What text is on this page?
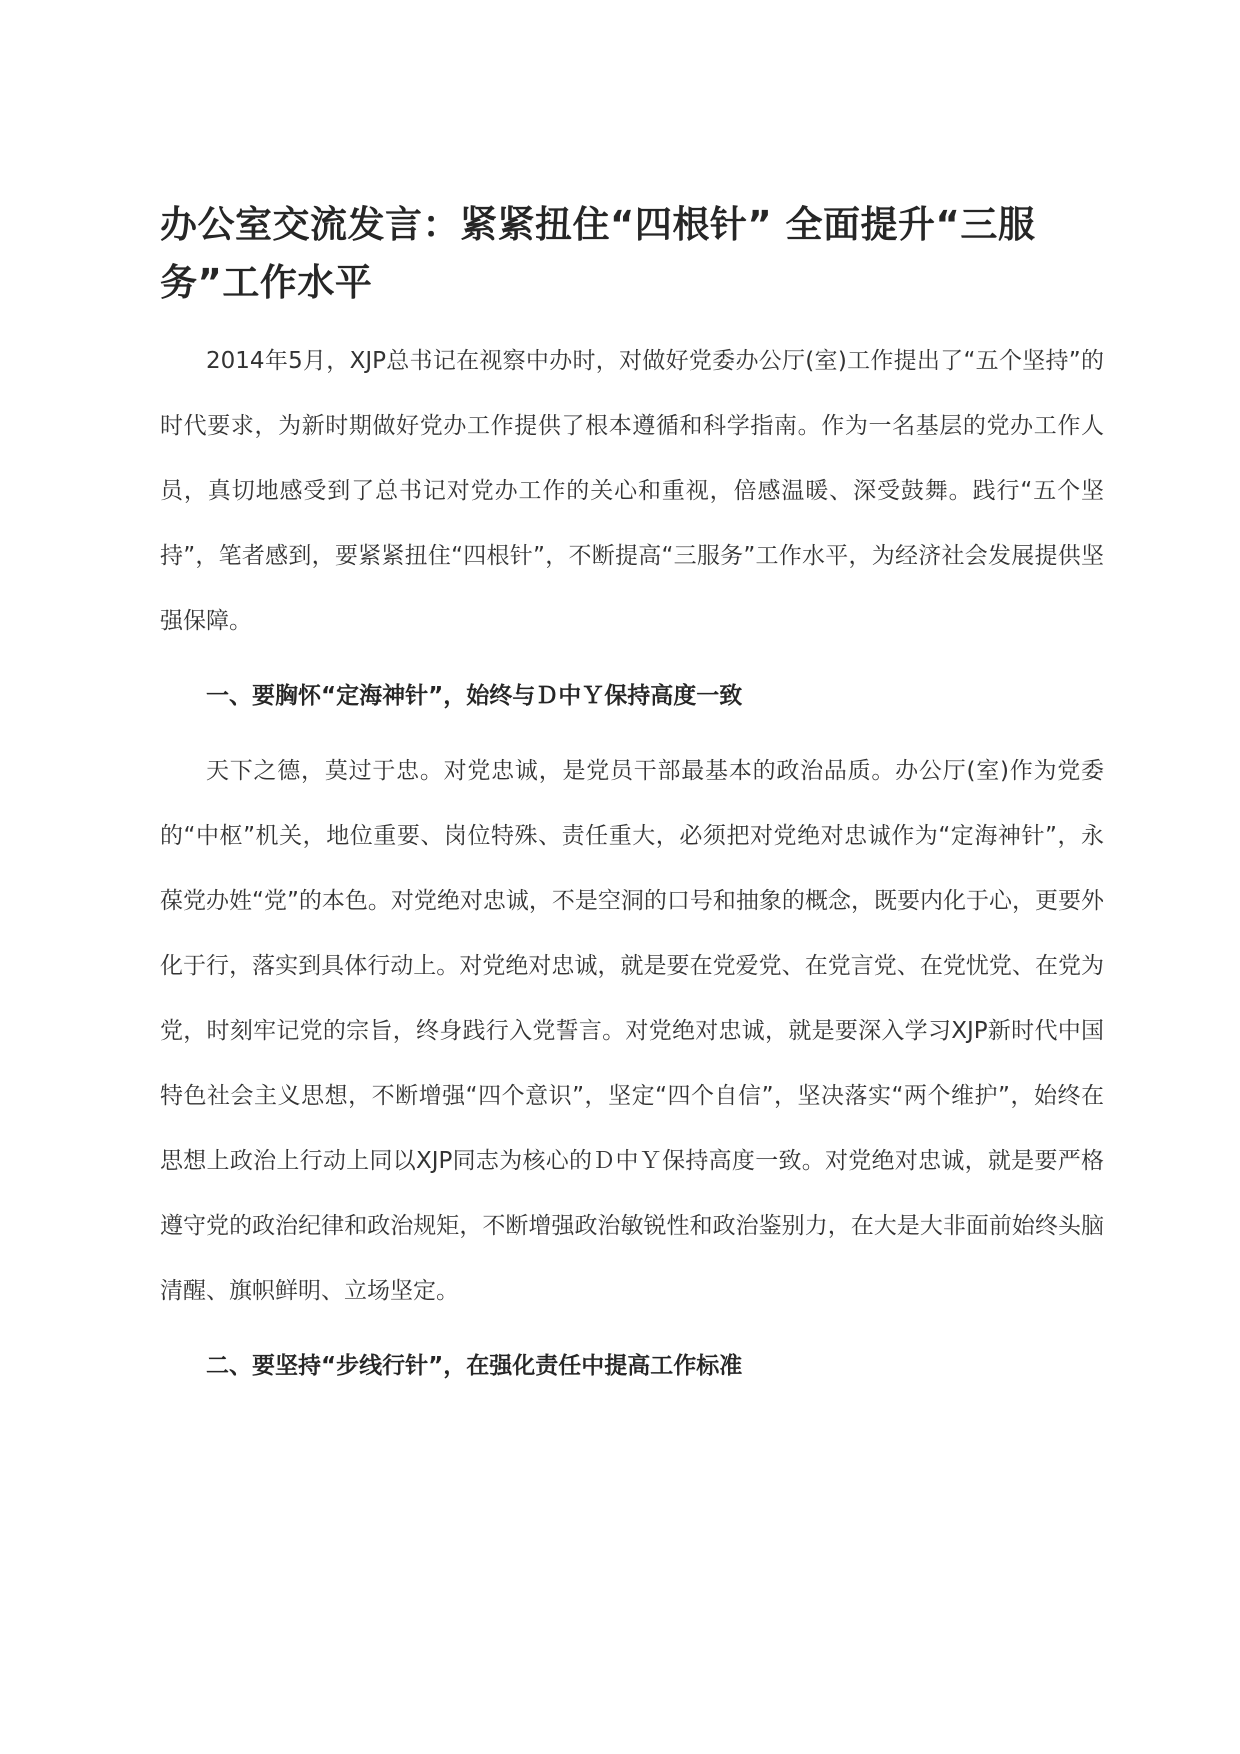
办公室交流发言：紧紧扭住“四根针” 全面提升“三服务”工作水平

2014年5月，XJP总书记在视察中办时，对做好党委办公厅(室)工作提出了“五个坚持”的时代要求，为新时期做好党办工作提供了根本遵循和科学指南。作为一名基层的党办工作人员，真切地感受到了总书记对党办工作的关心和重视，倍感温暖、深受鼓舞。践行“五个坚持”，笔者感到，要紧紧扭住“四根针”，不断提高“三服务”工作水平，为经济社会发展提供坚强保障。

一、要胸怀“定海神针”，始终与Ｄ中Ｙ保持高度一致

天下之德，莫过于忠。对党忠诚，是党员干部最基本的政治品质。办公厅(室)作为党委的“中枢”机关，地位重要、岗位特殊、责任重大，必须把对党绝对忠诚作为“定海神针”，永葆党办姓“党”的本色。对党绝对忠诚，不是空洞的口号和抽象的概念，既要内化于心，更要外化于行，落实到具体行动上。对党绝对忠诚，就是要在党爱党、在党言党、在党忧党、在党为党，时刻牢记党的宗旨，终身践行入党誓言。对党绝对忠诚，就是要深入学习XJP新时代中国特色社会主义思想，不断增强“四个意识”，坚定“四个自信”，坚决落实“两个维护”，始终在思想上政治上行动上同以XJP同志为核心的Ｄ中Ｙ保持高度一致。对党绝对忠诚，就是要严格遵守党的政治纪律和政治规矩，不断增强政治敏锐性和政治鉴别力，在大是大非面前始终头脑清醒、旗帜鲜明、立场坚定。

二、要坚持“步线行针”，在强化责任中提高工作标准
